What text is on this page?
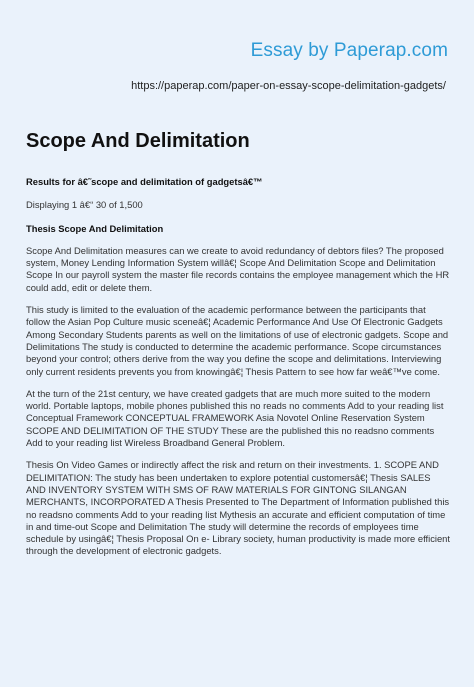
Essay by Paperap.com
https://paperap.com/paper-on-essay-scope-delimitation-gadgets/
Scope And Delimitation

Results for â€˜scope and delimitation of gadgetsâ€™

Displaying 1 â€“ 30 of 1,500

Thesis Scope And Delimitation

Scope And Delimitation measures can we create to avoid redundancy of debtors files? The proposed system, Money Lending Information System willâ€¦ Scope And Delimitation Scope and Delimitation Scope In our payroll system the master file records contains the employee management which the HR could add, edit or delete them.

This study is limited to the evaluation of the academic performance between the participants that follow the Asian Pop Culture music sceneâ€¦ Academic Performance And Use Of Electronic Gadgets Among Secondary Students parents as well on the limitations of use of electronic gadgets. Scope and Delimitations The study is conducted to determine the academic performance. Scope circumstances beyond your control; others derive from the way you define the scope and delimitations. Interviewing only current residents prevents you from knowingâ€¦ Thesis Pattern to see how far weâ€™ve come.

At the turn of the 21st century, we have created gadgets that are much more suited to the modern world. Portable laptops, mobile phones published this no reads no comments Add to your reading list Conceptual Framework CONCEPTUAL FRAMEWORK Asia Novotel Online Reservation System SCOPE AND DELIMITATION OF THE STUDY These are the published this no readsno comments Add to your reading list Wireless Broadband General Problem.

Thesis On Video Games or indirectly affect the risk and return on their investments. 1. SCOPE AND DELIMITATION: The study has been undertaken to explore potential customersâ€¦ Thesis SALES AND INVENTORY SYSTEM WITH SMS OF RAW MATERIALS FOR GINTONG SILANGAN MERCHANTS, INCORPORATED A Thesis Presented to The Department of Information published this no readsno comments Add to your reading list Mythesis an accurate and efficient computation of time in and time-out Scope and Delimitation The study will determine the records of employees time schedule by usingâ€¦ Thesis Proposal On e- Library society, human productivity is made more efficient through the development of electronic gadgets.
